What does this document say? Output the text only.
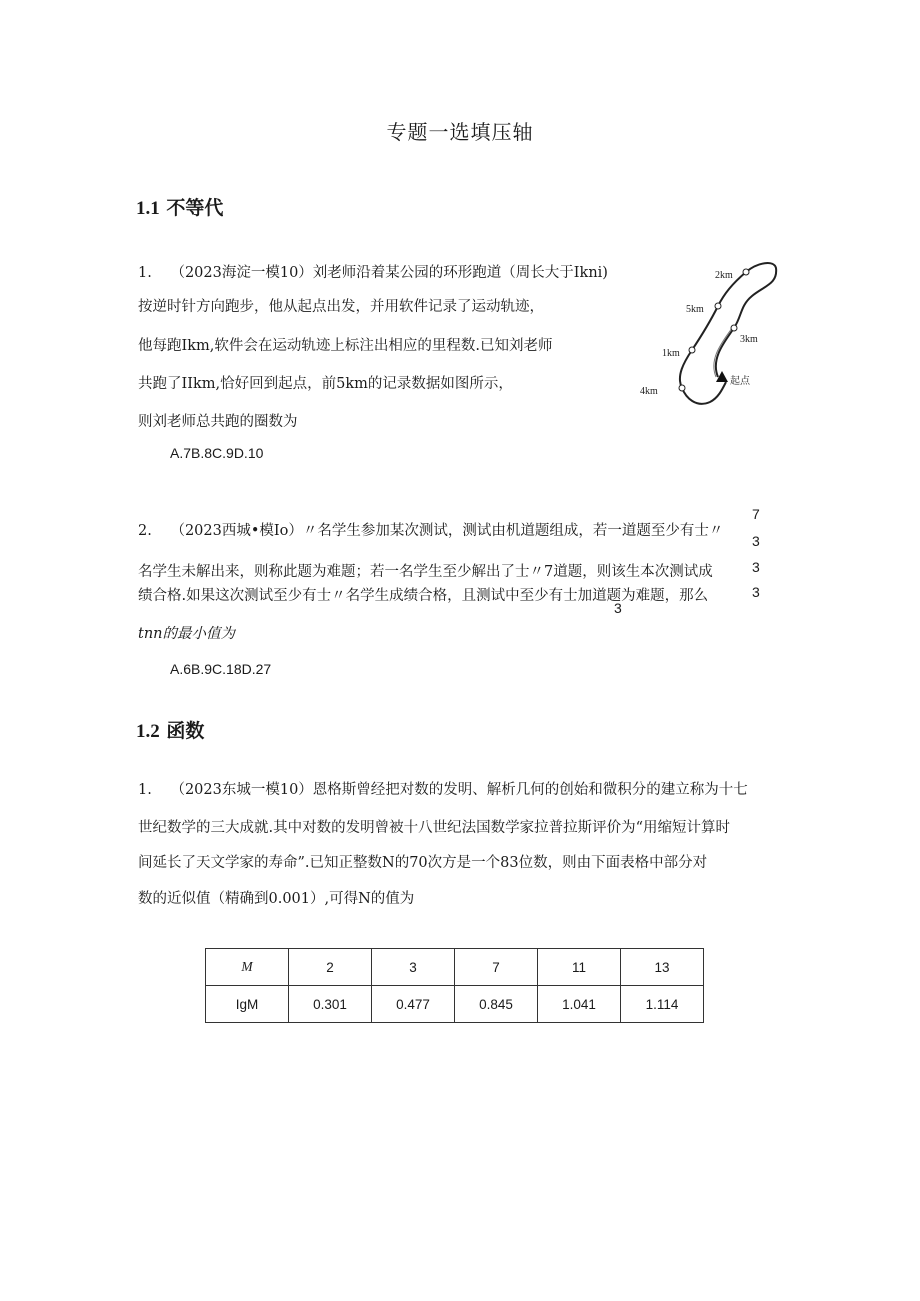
专题一选填压轴
1.1 不等代
1. （2023海淀一模10）刘老师沿着某公园的环形跑道（周长大于Ikni)
按逆时针方向跑步，他从起点出发，并用软件记录了运动轨迹，
他每跑Ikm,软件会在运动轨迹上标注出相应的里程数.已知刘老师
共跑了IIkm,恰好回到起点，前5km的记录数据如图所示，
则刘老师总共跑的圈数为
A.7B.8C.9D.10
2km
5km
3km
1km
4km
起点
2. （2023西城•模Io）〃名学生参加某次测试，测试由机道题组成，若一道题至少有士〃
7
3
名学生未解出来，则称此题为难题；若一名学生至少解出了士〃7道题，则该生本次测试成	3
绩合格.如果这次测试至少有士〃名学生成绩合格，且测试中至少有士加道题为难题，那么	3
3
tnn的最小值为
A.6B.9C.18D.27
1.2 函数
1. （2023东城一模10）恩格斯曾经把对数的发明、解析几何的创始和微积分的建立称为十七
世纪数学的三大成就.其中对数的发明曾被十八世纪法国数学家拉普拉斯评价为“用缩短计算时
间延长了天文学家的寿命”.已知正整数N的70次方是一个83位数，则由下面表格中部分对
数的近似值（精确到0.001）,可得N的值为
M	2	3	7	11	13
IgM	0.301	0.477	0.845	1.041	1.114
